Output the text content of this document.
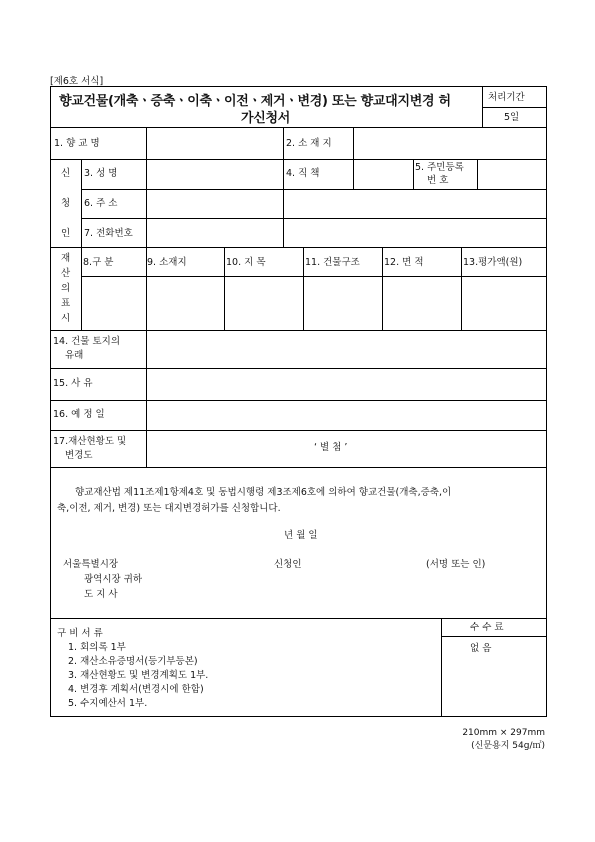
[제6호 서식]
향교건물(개축ㆍ증축ㆍ이축ㆍ이전ㆍ제거ㆍ변경) 또는 향교대지변경 허
가신청서
처리기간
5일
1. 향 교 명	2. 소 재 지
신
청
인
3. 성 명	4. 직 책
5. 주민등록
번 호
6. 주 소
7. 전화번호
재
산
의
표
시
8.구 분	9. 소재지	10. 지 목	11. 건물구조	12. 면 적	13.평가액(원)
14. 건물 토지의
유래
15. 사 유
16. 예 정 일
17.재산현황도 및
변경도
‘ 별 첨 ’
향교재산법 제11조제1항제4호 및 동법시행령 제3조제6호에 의하여 향교건물(개축,증축,이
축,이전, 제거, 변경) 또는 대지변경허가를 신청합니다.
년 월 일
서울특별시장
광역시장 귀하
도 지 사
신청인	(서명 또는 인)
구 비 서 류
1. 회의록 1부
2. 재산소유증명서(등기부등본)
3. 재산현황도 및 변경계획도 1부.
4. 변경후 계획서(변경시에 한함)
5. 수지예산서 1부.
수 수 료
없 음
210mm × 297mm
(신문용지 54g/㎡)
